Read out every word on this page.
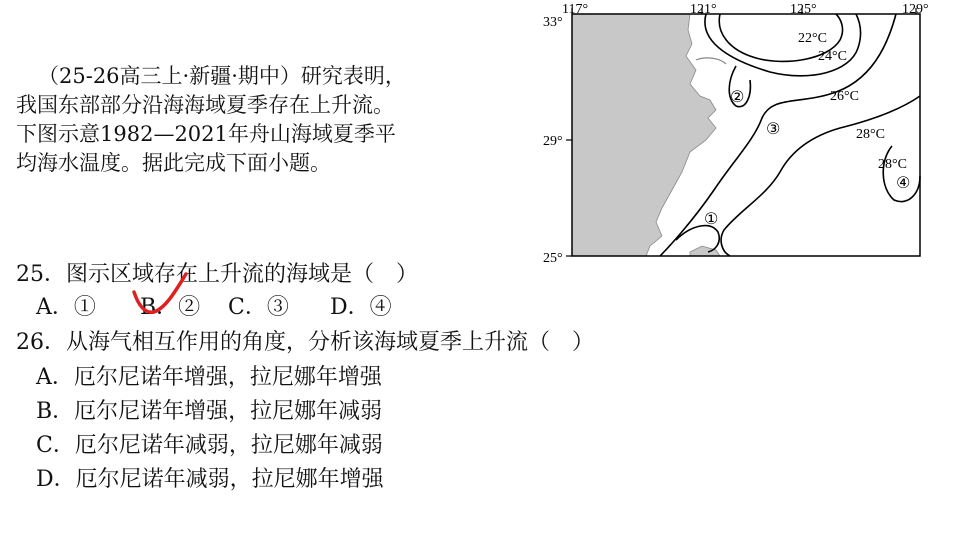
（25-26高三上·新疆·期中）研究表明，
我国东部部分沿海海域夏季存在上升流。
下图示意1982—2021年舟山海域夏季平
均海水温度。据此完成下面小题。
117°	121°	125°	129°
33°
29°
25°
22°C
24°C
26°C
28°C
28°C
①
②
③
④
25．图示区域存在上升流的海域是（　）
A．① B．② C．③ D．④
26．从海气相互作用的角度，分析该海域夏季上升流（　）
A．厄尔尼诺年增强，拉尼娜年增强
B．厄尔尼诺年增强，拉尼娜年减弱
C．厄尔尼诺年减弱，拉尼娜年减弱
D．厄尔尼诺年减弱，拉尼娜年增强
